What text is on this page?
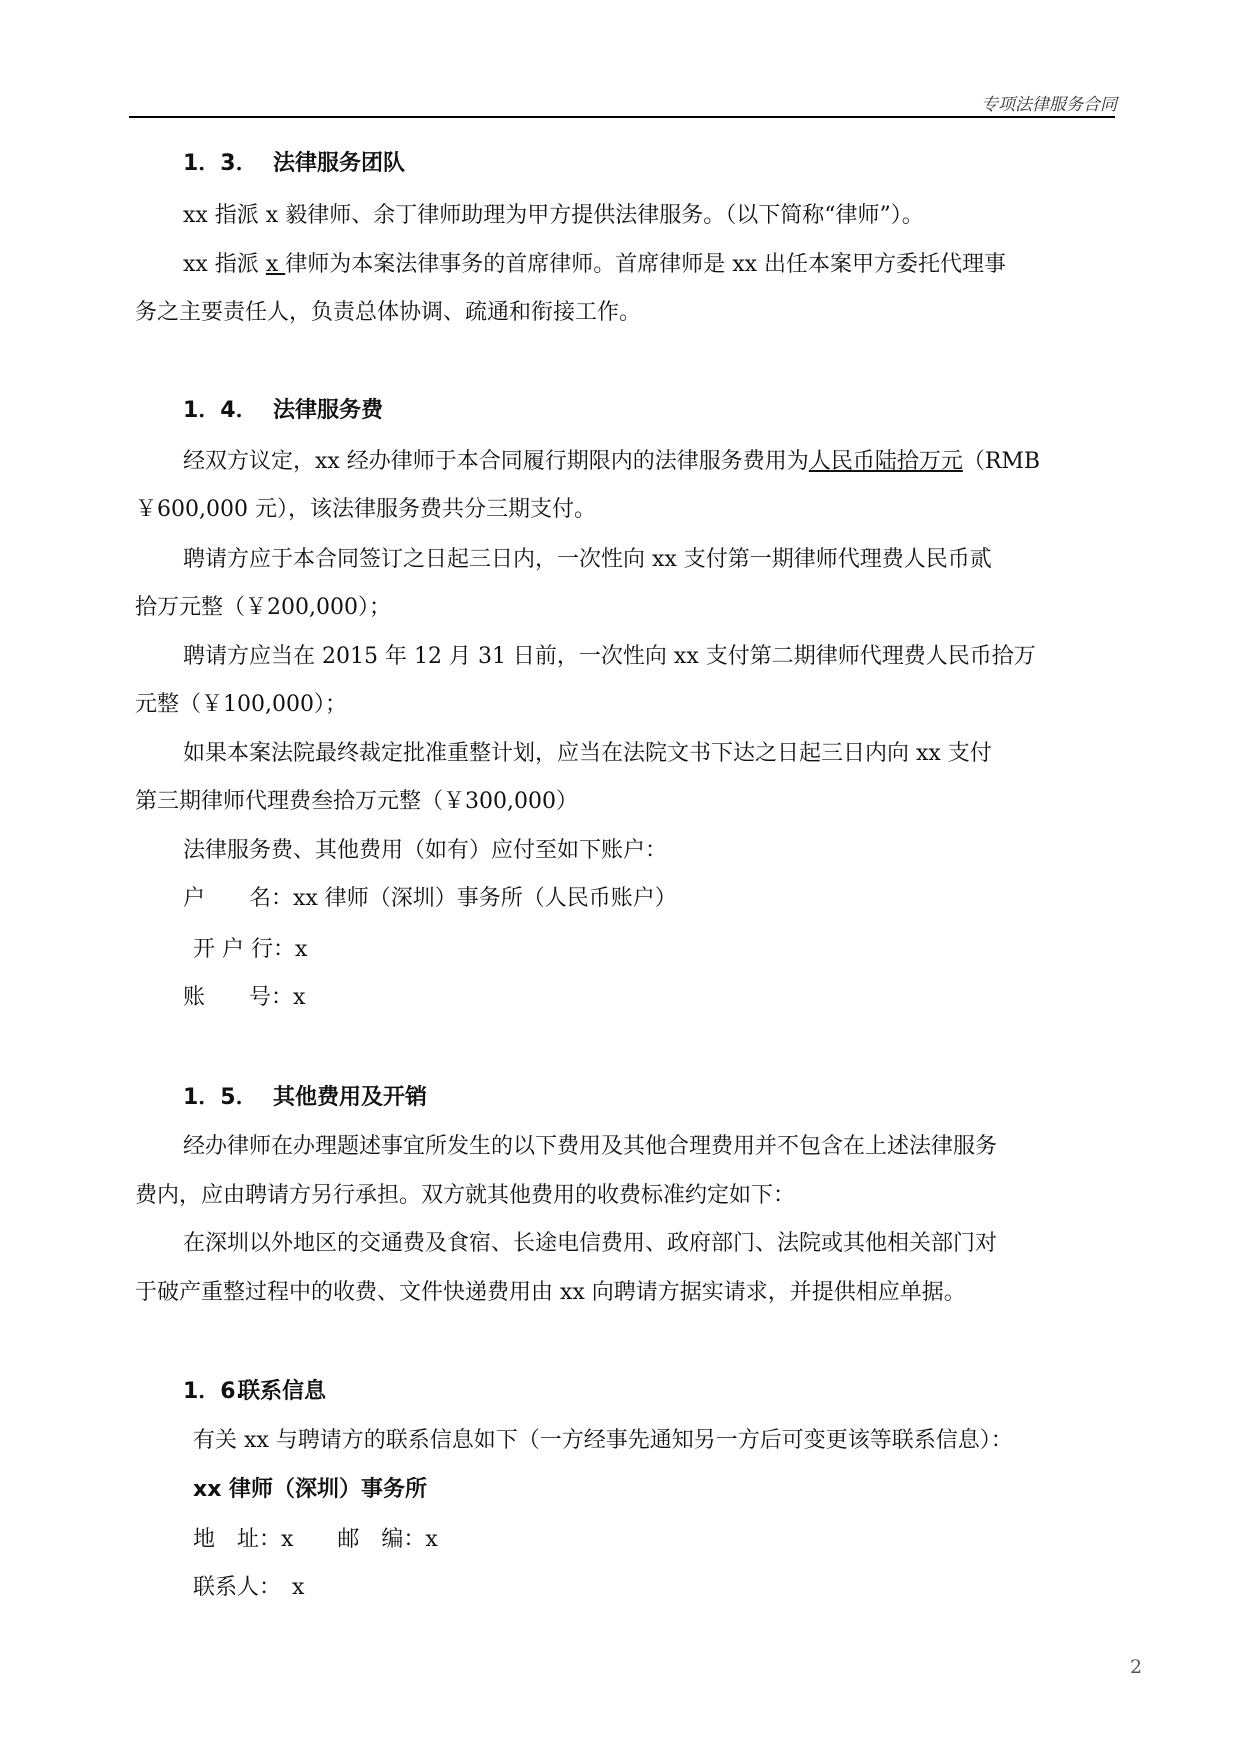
专项法律服务合同
1．3． 法律服务团队
xx 指派 x 毅律师、余丁律师助理为甲方提供法律服务。（以下简称“律师”）。
xx 指派 x 律师为本案法律事务的首席律师。首席律师是 xx 出任本案甲方委托代理事
务之主要责任人，负责总体协调、疏通和衔接工作。
1．4． 法律服务费
经双方议定，xx 经办律师于本合同履行期限内的法律服务费用为人民币陆拾万元（RMB
￥600,000 元），该法律服务费共分三期支付。
聘请方应于本合同签订之日起三日内，一次性向 xx 支付第一期律师代理费人民币贰
拾万元整（￥200,000）；
聘请方应当在 2015 年 12 月 31 日前，一次性向 xx 支付第二期律师代理费人民币拾万
元整（￥100,000）；
如果本案法院最终裁定批准重整计划，应当在法院文书下达之日起三日内向 xx 支付
第三期律师代理费叁拾万元整（￥300,000）
法律服务费、其他费用（如有）应付至如下账户：
户　　名：xx 律师（深圳）事务所（人民币账户）
开 户 行：x
账　　号：x
1．5． 其他费用及开销
经办律师在办理题述事宜所发生的以下费用及其他合理费用并不包含在上述法律服务
费内，应由聘请方另行承担。双方就其他费用的收费标准约定如下：
在深圳以外地区的交通费及食宿、长途电信费用、政府部门、法院或其他相关部门对
于破产重整过程中的收费、文件快递费用由 xx 向聘请方据实请求，并提供相应单据。
1．6.联系信息
有关 xx 与聘请方的联系信息如下（一方经事先通知另一方后可变更该等联系信息）：
xx 律师（深圳）事务所
地　址：x　　邮　编：x
联系人：　x
2
